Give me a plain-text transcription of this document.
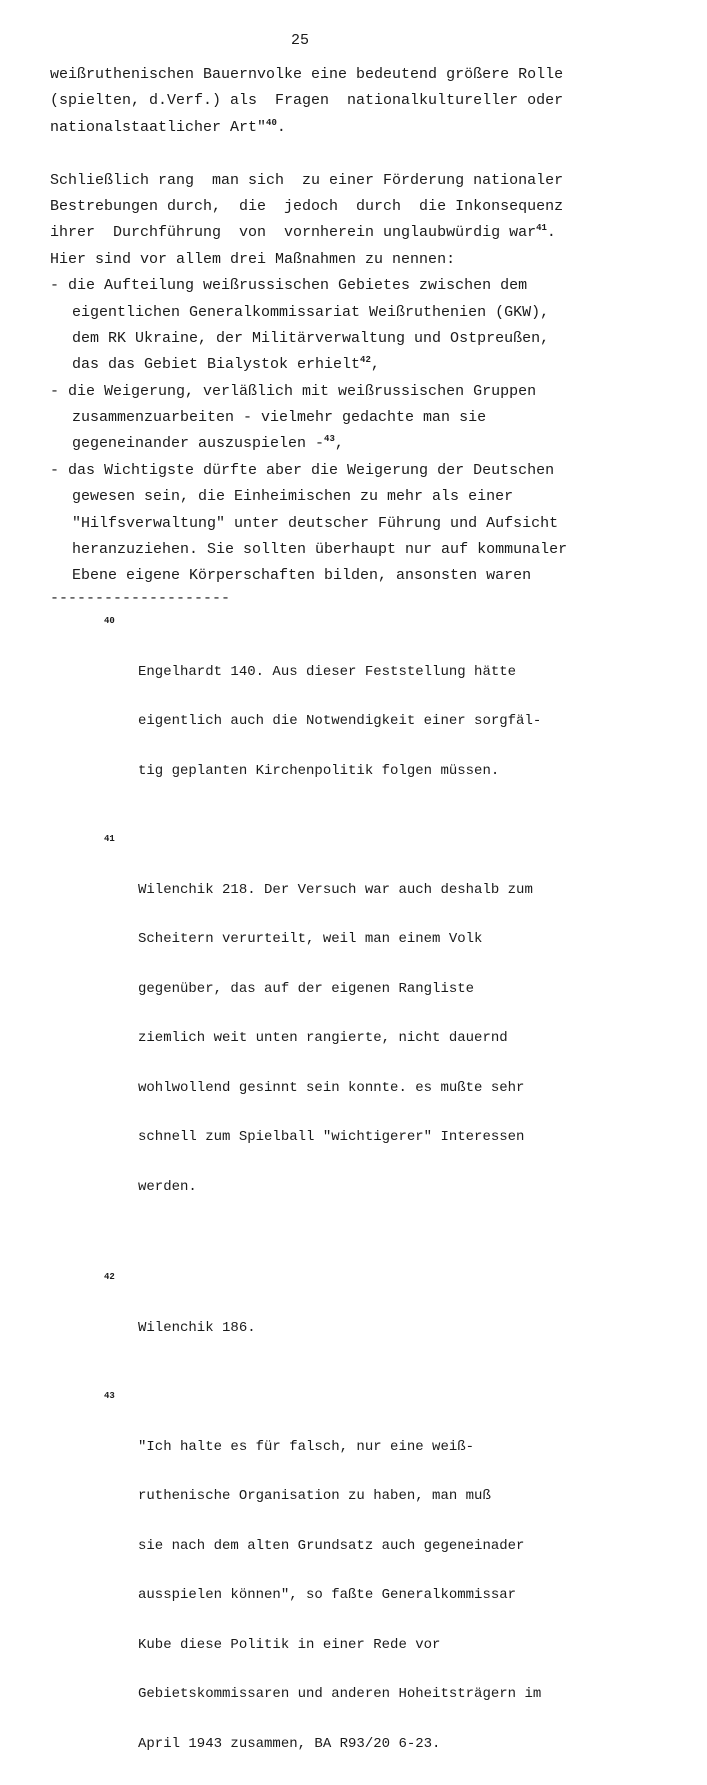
25
weißruthenischen Bauernvolke eine bedeutend größere Rolle
(spielten, d.Verf.) als  Fragen  nationalkultureller oder
nationalstaatlicher Art"$^{40}$.
Schließlich rang  man sich  zu einer Förderung nationaler
Bestrebungen durch,  die  jedoch  durch  die Inkonsequenz
ihrer  Durchführung  von  vornherein unglaubwürdig war$^{41}$.
Hier sind vor allem drei Maßnahmen zu nennen:
- die Aufteilung weißrussischen Gebietes zwischen dem
eigentlichen Generalkommissariat Weißruthenien (GKW),
dem RK Ukraine, der Militärverwaltung und Ostpreußen,
das das Gebiet Bialystok erhielt$^{42}$,
- die Weigerung, verläßlich mit weißrussischen Gruppen
zusammenzuarbeiten - vielmehr gedachte man sie
gegeneinander auszuspielen -$^{43}$,
- das Wichtigste dürfte aber die Weigerung der Deutschen
gewesen sein, die Einheimischen zu mehr als einer
"Hilfsverwaltung" unter deutscher Führung und Aufsicht
heranzuziehen. Sie sollten überhaupt nur auf kommunaler
Ebene eigene Körperschaften bilden, ansonsten waren
--------------------

40

Engelhardt 140. Aus dieser Feststellung hätte

eigentlich auch die Notwendigkeit einer sorgfäl-

tig geplanten Kirchenpolitik folgen müssen.

41

Wilenchik 218. Der Versuch war auch deshalb zum

Scheitern verurteilt, weil man einem Volk

gegenüber, das auf der eigenen Rangliste

ziemlich weit unten rangierte, nicht dauernd

wohlwollend gesinnt sein konnte. es mußte sehr

schnell zum Spielball "wichtigerer" Interessen

werden.

42

Wilenchik 186.

43

"Ich halte es für falsch, nur eine weiß-

ruthenische Organisation zu haben, man muß

sie nach dem alten Grundsatz auch gegeneinader

ausspielen können", so faßte Generalkommissar

Kube diese Politik in einer Rede vor

Gebietskommissaren und anderen Hoheitsträgern im

April 1943 zusammen, BA R93/20 6-23.
